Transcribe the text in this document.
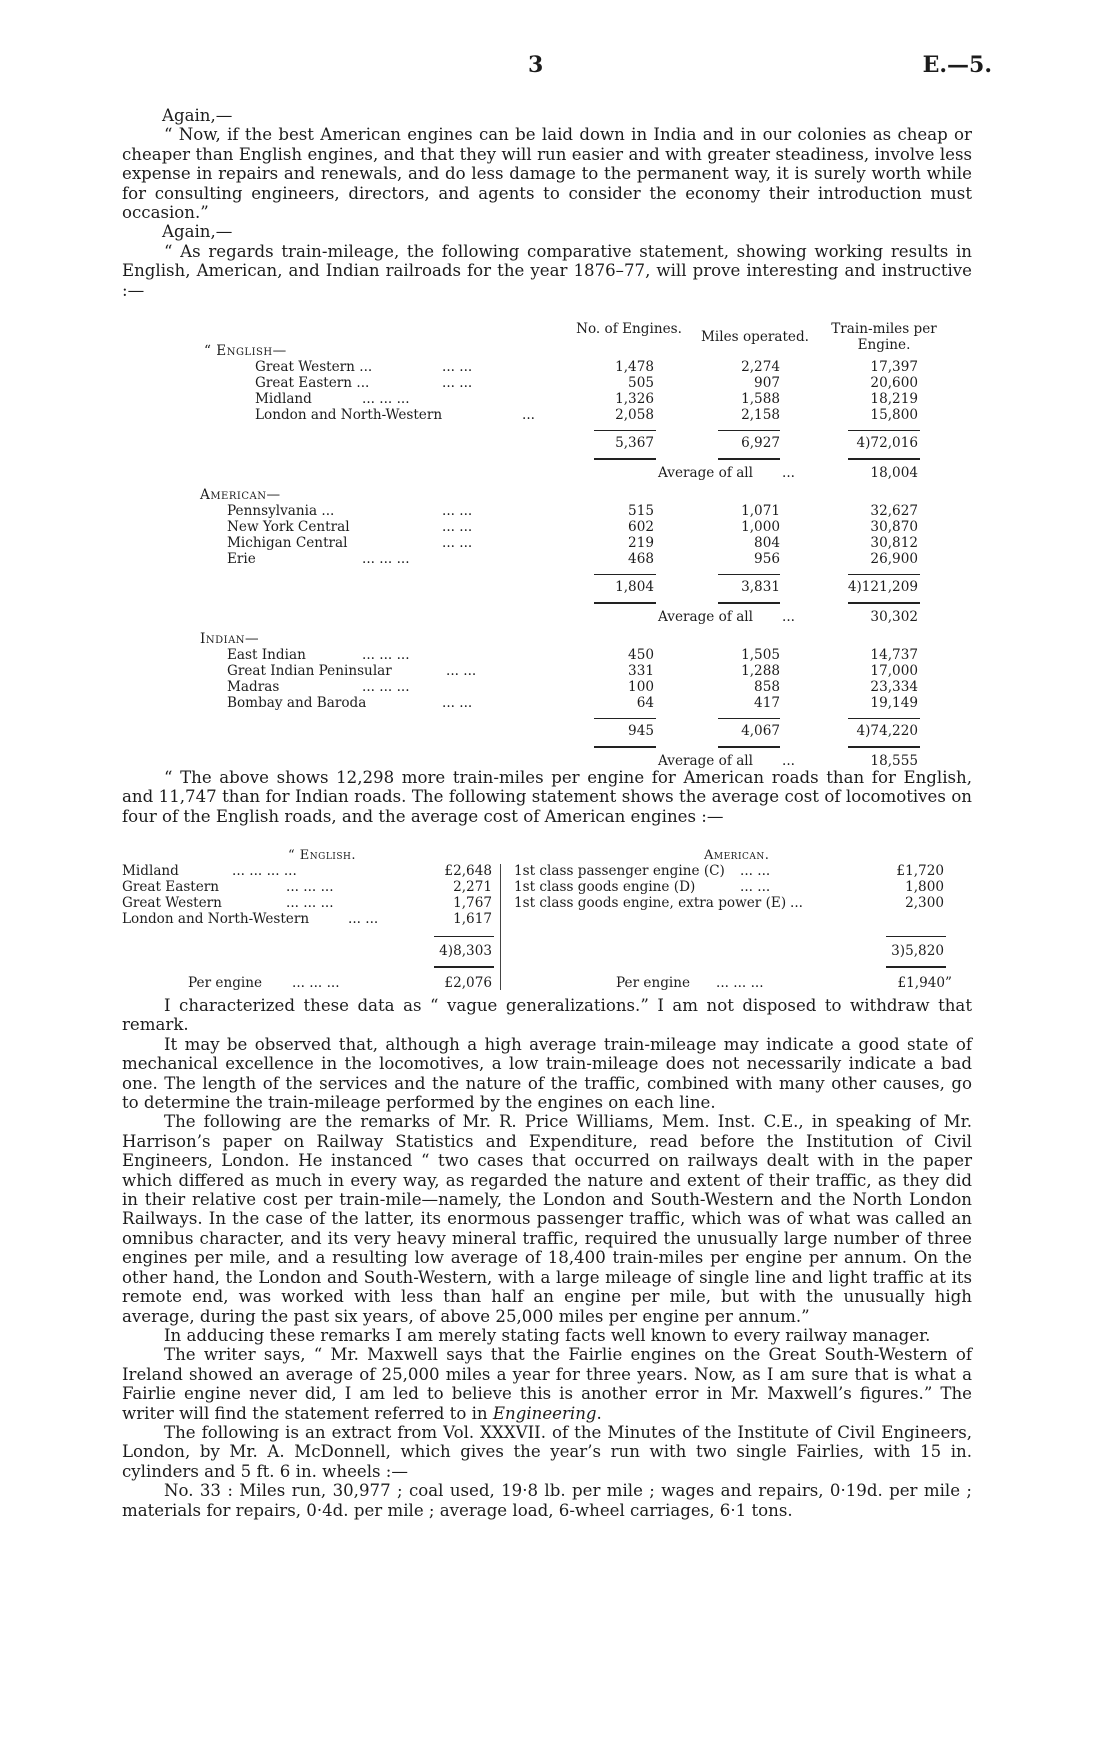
3	E.—5.

Again,—

“ Now, if the best American engines can be laid down in India and in our colonies as cheap or cheaper than English engines, and that they will run easier and with greater steadiness, involve less expense in repairs and renewals, and do less damage to the permanent way, it is surely worth while for consulting engineers, directors, and agents to consider the economy their introduction must occasion.”

Again,—

“ As regards train-mileage, the following comparative statement, showing working results in English, American, and Indian railroads for the year 1876–77, will prove interesting and instructive :—

No. of Engines.	Miles operated.	Train-miles per Engine.
“ English—
Great Western ...	... ...	1,478	2,274	17,397
Great Eastern ...	... ...	505	907	20,600
Midland	... ... ...	1,326	1,588	18,219
London and North-Western	...	2,058	2,158	15,800
5,367	6,927	4)72,016
Average of all ...	18,004
American—
Pennsylvania ...	... ...	515	1,071	32,627
New York Central	... ...	602	1,000	30,870
Michigan Central	... ...	219	804	30,812
Erie	... ... ...	468	956	26,900
1,804	3,831	4)121,209
Average of all ...	30,302
Indian—
East Indian	... ... ...	450	1,505	14,737
Great Indian Peninsular	... ...	331	1,288	17,000
Madras	... ... ...	100	858	23,334
Bombay and Baroda	... ...	64	417	19,149
945	4,067	4)74,220
Average of all ...	18,555

“ The above shows 12,298 more train-miles per engine for American roads than for English, and 11,747 than for Indian roads. The following statement shows the average cost of locomotives on four of the English roads, and the average cost of American engines :—

“ English.	American.
Midland	... ... ... ...	£2,648
Great Eastern	... ... ...	2,271
Great Western	... ... ...	1,767
London and North-Western	... ...	1,617
4)8,303
Per engine ... ... ...	£2,076
1st class passenger engine (C) ... ...	£1,720
1st class goods engine (D)	... ...	1,800
1st class goods engine, extra power (E) ...	2,300
3)5,820
Per engine ... ... ...	£1,940”

I characterized these data as “ vague generalizations.” I am not disposed to withdraw that remark.

It may be observed that, although a high average train-mileage may indicate a good state of mechanical excellence in the locomotives, a low train-mileage does not necessarily indicate a bad one. The length of the services and the nature of the traffic, combined with many other causes, go to determine the train-mileage performed by the engines on each line.

The following are the remarks of Mr. R. Price Williams, Mem. Inst. C.E., in speaking of Mr. Harrison’s paper on Railway Statistics and Expenditure, read before the Institution of Civil Engineers, London. He instanced “ two cases that occurred on railways dealt with in the paper which differed as much in every way, as regarded the nature and extent of their traffic, as they did in their relative cost per train-mile—namely, the London and South-Western and the North London Railways. In the case of the latter, its enormous passenger traffic, which was of what was called an omnibus character, and its very heavy mineral traffic, required the unusually large number of three engines per mile, and a resulting low average of 18,400 train-miles per engine per annum. On the other hand, the London and South-Western, with a large mileage of single line and light traffic at its remote end, was worked with less than half an engine per mile, but with the unusually high average, during the past six years, of above 25,000 miles per engine per annum.”

In adducing these remarks I am merely stating facts well known to every railway manager.

The writer says, “ Mr. Maxwell says that the Fairlie engines on the Great South-Western of Ireland showed an average of 25,000 miles a year for three years. Now, as I am sure that is what a Fairlie engine never did, I am led to believe this is another error in Mr. Maxwell’s figures.” The writer will find the statement referred to in Engineering.

The following is an extract from Vol. XXXVII. of the Minutes of the Institute of Civil Engineers, London, by Mr. A. McDonnell, which gives the year’s run with two single Fairlies, with 15 in. cylinders and 5 ft. 6 in. wheels :—

No. 33 : Miles run, 30,977 ; coal used, 19·8 lb. per mile ; wages and repairs, 0·19d. per mile ; materials for repairs, 0·4d. per mile ; average load, 6-wheel carriages, 6·1 tons.
